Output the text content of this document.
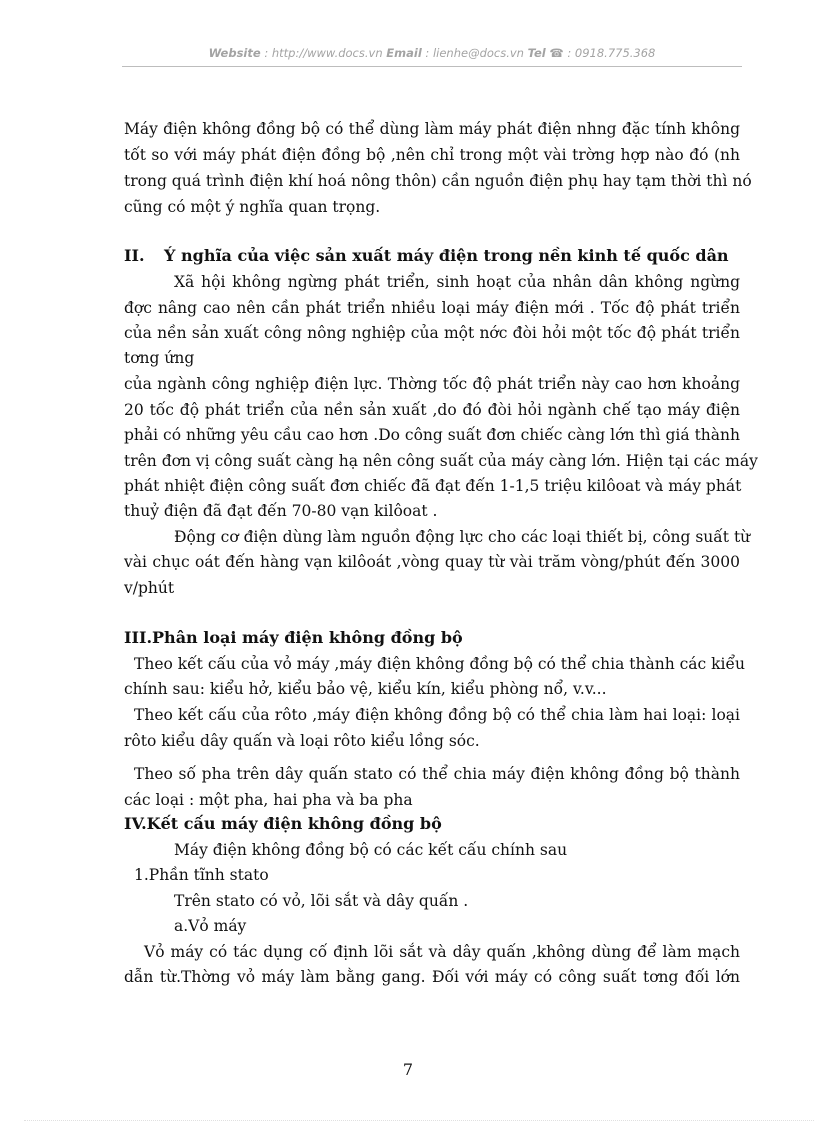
Website : http://www.docs.vn Email : lienhe@docs.vn Tel ☎ : 0918.775.368
Máy điện không đồng bộ có thể dùng làm máy phát điện nhng đặc tính không
tốt so với máy phát điện đồng bộ ,nên chỉ trong một vài trờng hợp nào đó (nh
trong quá trình điện khí hoá nông thôn) cần nguồn điện phụ hay tạm thời thì nó
cũng có một ý nghĩa quan trọng.
II. Ý nghĩa của việc sản xuất máy điện trong nền kinh tế quốc dân
Xã hội không ngừng phát triển, sinh hoạt của nhân dân không ngừng
đợc nâng cao nên cần phát triển nhiều loại máy điện mới . Tốc độ phát triển
của nền sản xuất công nông nghiệp của một nớc đòi hỏi một tốc độ phát triển
tơng ứng
của ngành công nghiệp điện lực. Thờng tốc độ phát triển này cao hơn khoảng
20 tốc độ phát triển của nền sản xuất ,do đó đòi hỏi ngành chế tạo máy điện
phải có những yêu cầu cao hơn .Do công suất đơn chiếc càng lớn thì giá thành
trên đơn vị công suất càng hạ nên công suất của máy càng lớn. Hiện tại các máy
phát nhiệt điện công suất đơn chiếc đã đạt đến 1-1,5 triệu kilôoat và máy phát
thuỷ điện đã đạt đến 70-80 vạn kilôoat .
Động cơ điện dùng làm nguồn động lực cho các loại thiết bị, công suất từ
vài chục oát đến hàng vạn kilôoát ,vòng quay từ vài trăm vòng/phút đến 3000
v/phút
III.Phân loại máy điện không đồng bộ
Theo kết cấu của vỏ máy ,máy điện không đồng bộ có thể chia thành các kiểu
chính sau: kiểu hở, kiểu bảo vệ, kiểu kín, kiểu phòng nổ, v.v...
Theo kết cấu của rôto ,máy điện không đồng bộ có thể chia làm hai loại: loại
rôto kiểu dây quấn và loại rôto kiểu lồng sóc.
Theo số pha trên dây quấn stato có thể chia máy điện không đồng bộ thành
các loại : một pha, hai pha và ba pha
IV.Kết cấu máy điện không đồng bộ
Máy điện không đồng bộ có các kết cấu chính sau
1.Phần tĩnh stato
Trên stato có vỏ, lõi sắt và dây quấn .
a.Vỏ máy
Vỏ máy có tác dụng cố định lõi sắt và dây quấn ,không dùng để làm mạch
dẫn từ.Thờng vỏ máy làm bằng gang. Đối với máy có công suất tơng đối lớn
7
